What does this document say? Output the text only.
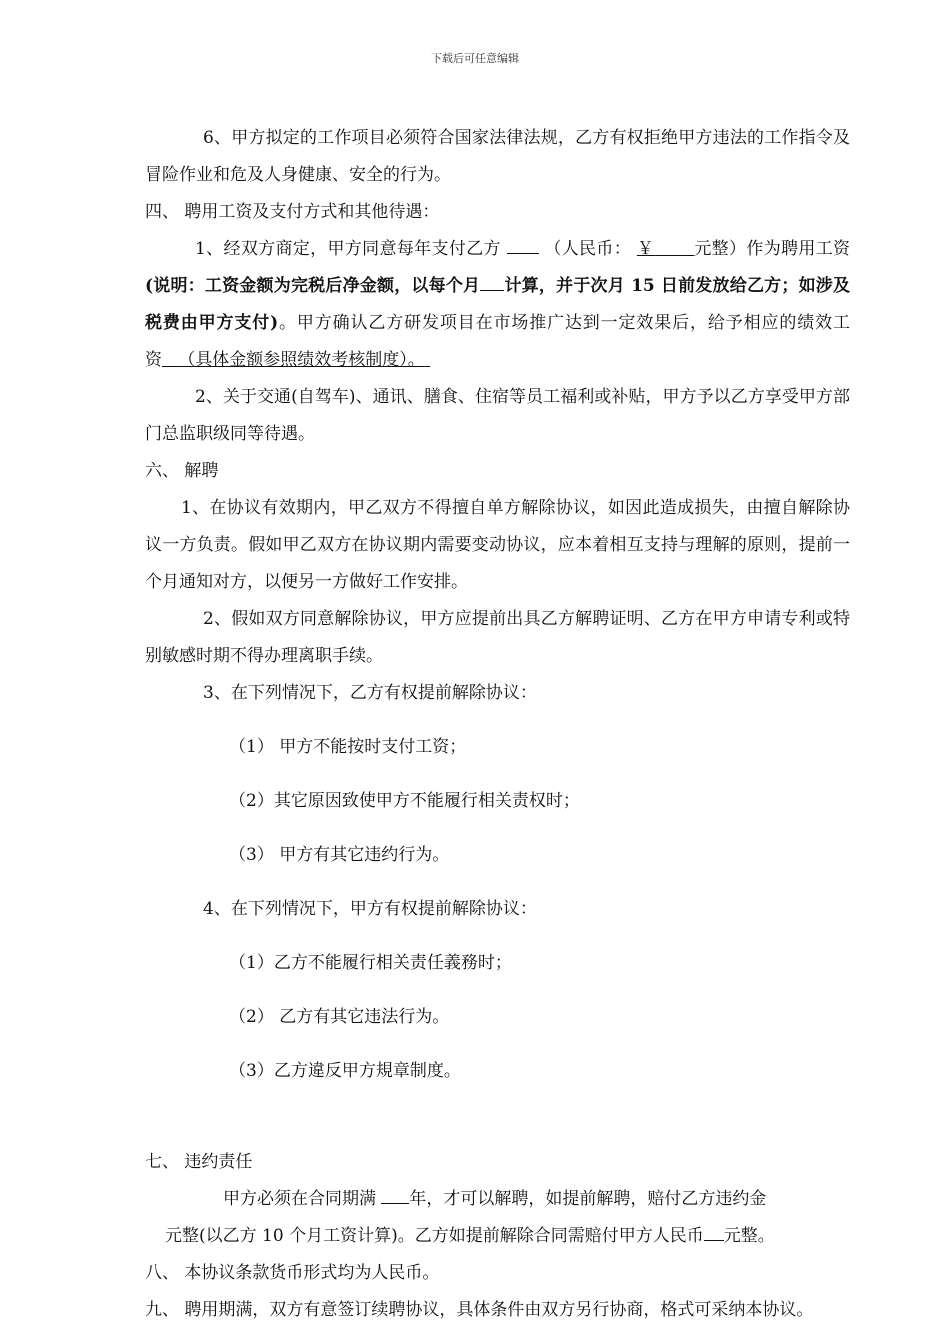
下载后可任意编辑

6、甲方拟定的工作项目必须符合国家法律法规，乙方有权拒绝甲方违法的工作指令及冒险作业和危及人身健康、安全的行为。

四、 聘用工资及支付方式和其他待遇：

1、经双方商定，甲方同意每年支付乙方	（人民币： ￥ 元整）作为聘用工资(说明：工资金额为完税后净金额，以每个月 计算，并于次月 15 日前发放给乙方；如涉及税费由甲方支付)。甲方确认乙方研发项目在市场推广达到一定效果后，给予相应的绩效工资 （具体金额参照绩效考核制度）。

2、关于交通(自驾车)、通讯、膳食、住宿等员工福利或补贴，甲方予以乙方享受甲方部门总监职级同等待遇。

六、 解聘

1、在协议有效期内，甲乙双方不得擅自单方解除协议，如因此造成损失，由擅自解除协议一方负责。假如甲乙双方在协议期内需要变动协议，应本着相互支持与理解的原则，提前一个月通知对方，以便另一方做好工作安排。

2、假如双方同意解除协议，甲方应提前出具乙方解聘证明、乙方在甲方申请专利或特别敏感时期不得办理离职手续。

3、在下列情况下，乙方有权提前解除协议：

（1） 甲方不能按时支付工资；

（2）其它原因致使甲方不能履行相关责权时；

（3） 甲方有其它违约行为。

4、在下列情况下，甲方有权提前解除协议：

（1）乙方不能履行相关责任義務时；

（2） 乙方有其它违法行为。

（3）乙方違反甲方規章制度。

七、 违约责任

甲方必须在合同期满 年，才可以解聘，如提前解聘，赔付乙方违约金
元整(以乙方 10 个月工资计算)。乙方如提前解除合同需赔付甲方人民币 元整。

八、 本协议条款货币形式均为人民币。

九、 聘用期满，双方有意签订续聘协议，具体条件由双方另行协商，格式可采纳本协议。
